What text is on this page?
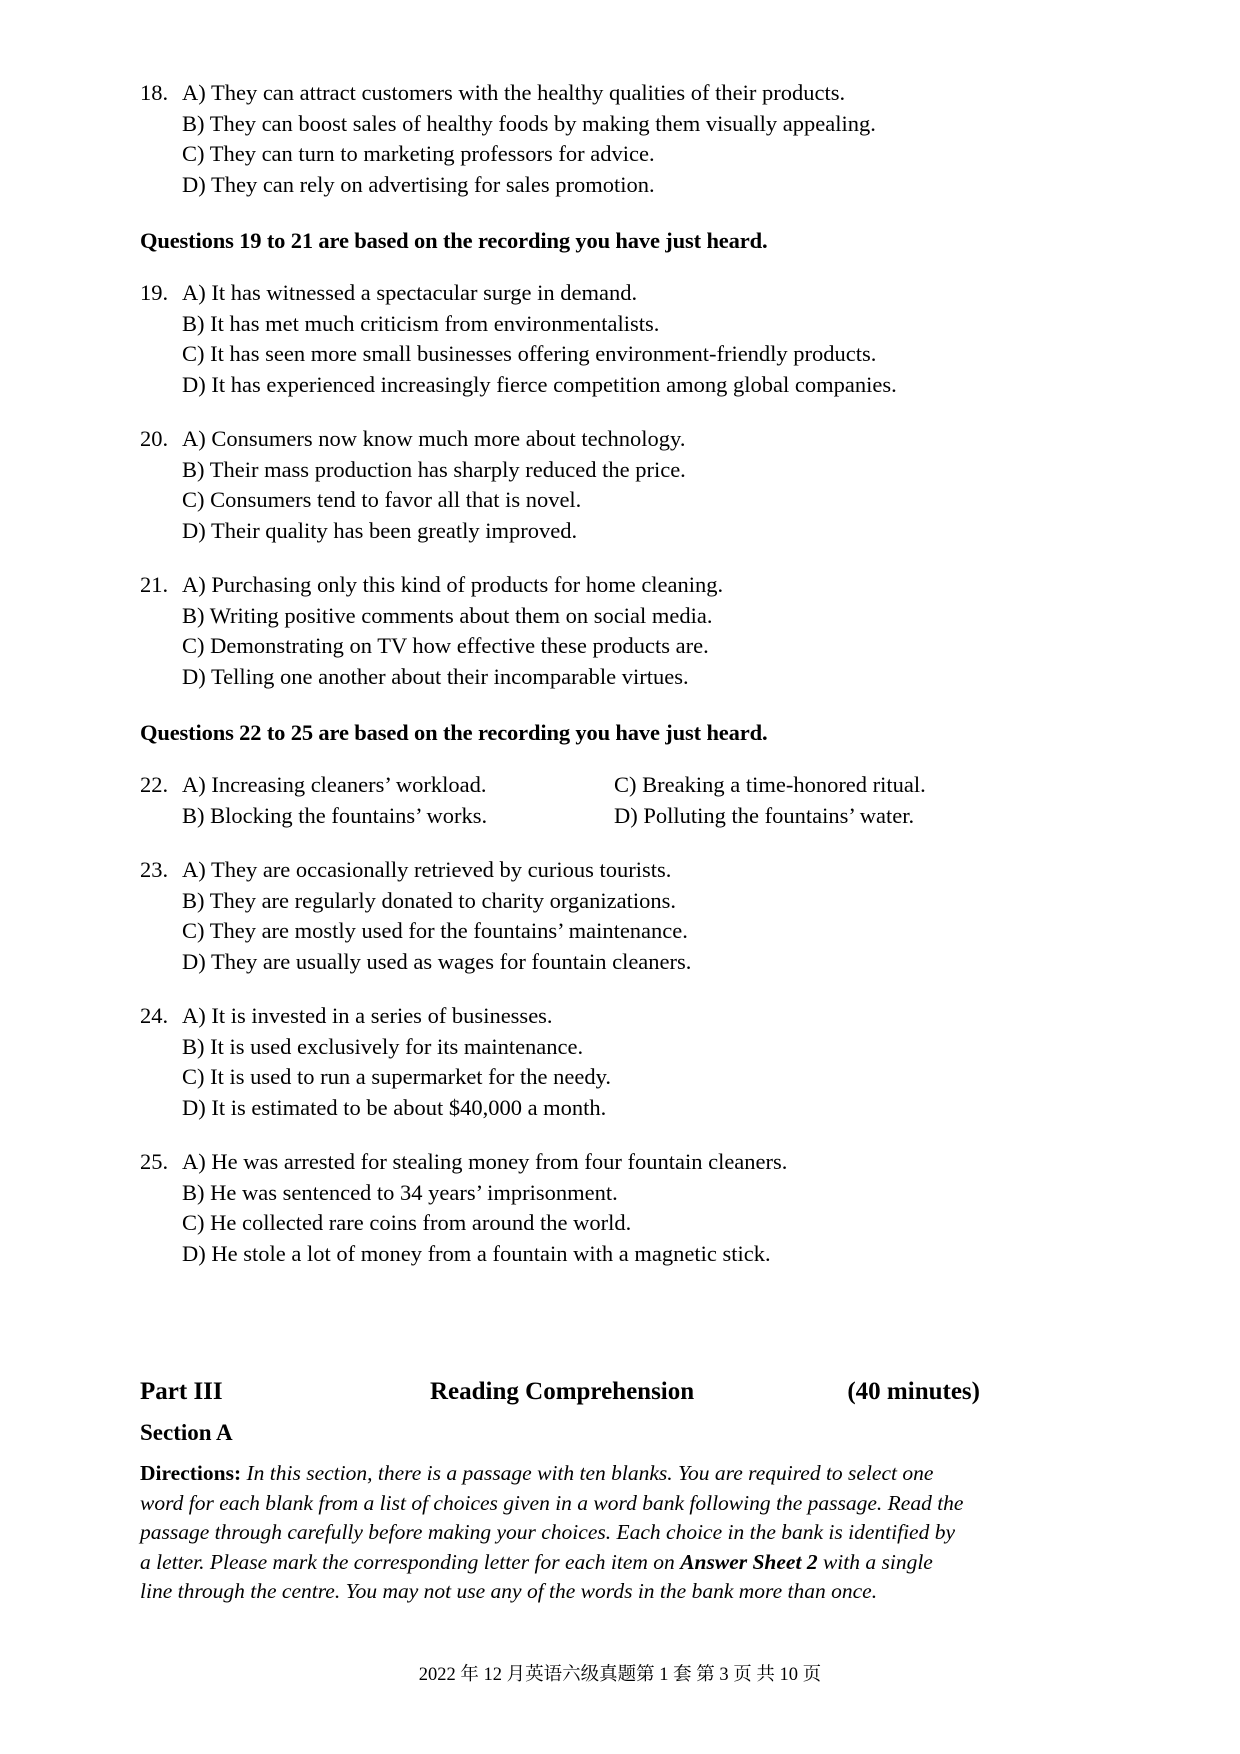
18. A) They can attract customers with the healthy qualities of their products.
B) They can boost sales of healthy foods by making them visually appealing.
C) They can turn to marketing professors for advice.
D) They can rely on advertising for sales promotion.
Questions 19 to 21 are based on the recording you have just heard.
19. A) It has witnessed a spectacular surge in demand.
B) It has met much criticism from environmentalists.
C) It has seen more small businesses offering environment-friendly products.
D) It has experienced increasingly fierce competition among global companies.
20. A) Consumers now know much more about technology.
B) Their mass production has sharply reduced the price.
C) Consumers tend to favor all that is novel.
D) Their quality has been greatly improved.
21. A) Purchasing only this kind of products for home cleaning.
B) Writing positive comments about them on social media.
C) Demonstrating on TV how effective these products are.
D) Telling one another about their incomparable virtues.
Questions 22 to 25 are based on the recording you have just heard.
22. A) Increasing cleaners’ workload.	C) Breaking a time-honored ritual.
B) Blocking the fountains’ works.	D) Polluting the fountains’ water.
23. A) They are occasionally retrieved by curious tourists.
B) They are regularly donated to charity organizations.
C) They are mostly used for the fountains’ maintenance.
D) They are usually used as wages for fountain cleaners.
24. A) It is invested in a series of businesses.
B) It is used exclusively for its maintenance.
C) It is used to run a supermarket for the needy.
D) It is estimated to be about $40,000 a month.
25. A) He was arrested for stealing money from four fountain cleaners.
B) He was sentenced to 34 years’ imprisonment.
C) He collected rare coins from around the world.
D) He stole a lot of money from a fountain with a magnetic stick.
Part III	Reading Comprehension	(40 minutes)
Section A
Directions: In this section, there is a passage with ten blanks. You are required to select one
word for each blank from a list of choices given in a word bank following the passage. Read the
passage through carefully before making your choices. Each choice in the bank is identified by
a letter. Please mark the corresponding letter for each item on Answer Sheet 2 with a single
line through the centre. You may not use any of the words in the bank more than once.
2022 年 12 月英语六级真题第 1 套 第 3 页 共 10 页
